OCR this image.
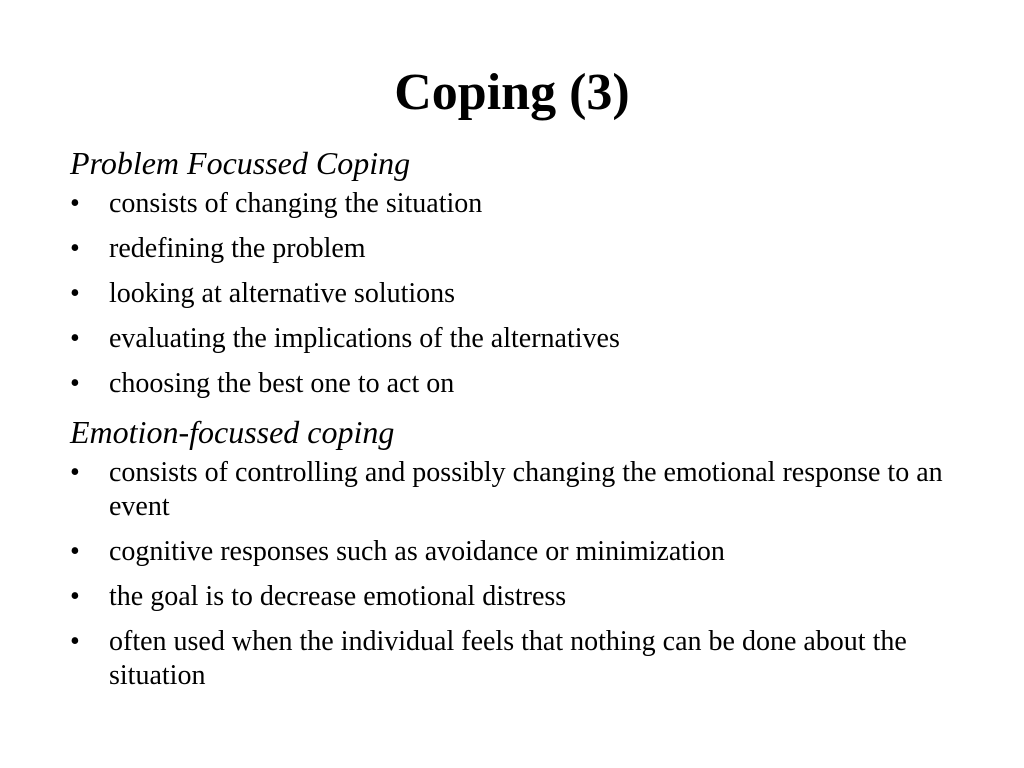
Coping (3)

Problem Focussed Coping

•	consists of changing the situation
•	redefining the problem
•	looking at alternative solutions
•	evaluating the implications of the alternatives
•	choosing the best one to act on

Emotion-focussed coping

•	consists of controlling and possibly changing the emotional response to an event
•	cognitive responses such as avoidance or minimization
•	the goal is to decrease emotional distress
•	often used when the individual feels that nothing can be done about the situation
